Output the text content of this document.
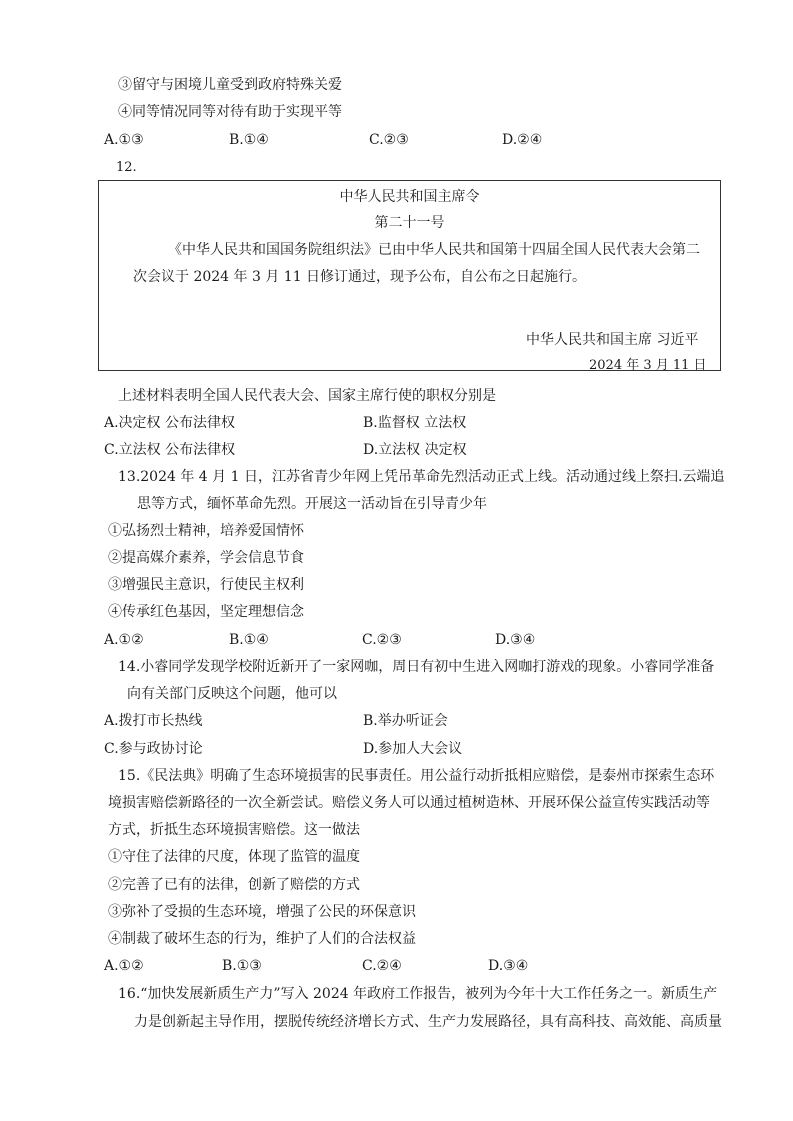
③留守与困境儿童受到政府特殊关爱
④同等情况同等对待有助于实现平等
A.①③	B.①④	C.②③	D.②④
12.
中华人民共和国主席令
第二十一号
《中华人民共和国国务院组织法》已由中华人民共和国第十四届全国人民代表大会第二
次会议于 2024 年 3 月 11 日修订通过，现予公布，自公布之日起施行。
中华人民共和国主席 习近平
2024 年 3 月 11 日
上述材料表明全国人民代表大会、国家主席行使的职权分别是
A.决定权 公布法律权	B.监督权 立法权
C.立法权 公布法律权	D.立法权 决定权
13.2024 年 4 月 1 日，江苏省青少年网上凭吊革命先烈活动正式上线。活动通过线上祭扫.云端追
思等方式，缅怀革命先烈。开展这一活动旨在引导青少年
①弘扬烈士精神，培养爱国情怀
②提高媒介素养，学会信息节食
③增强民主意识，行使民主权利
④传承红色基因，坚定理想信念
A.①②	B.①④	C.②③	D.③④
14.小睿同学发现学校附近新开了一家网咖，周日有初中生进入网咖打游戏的现象。小睿同学准备
向有关部门反映这个问题，他可以
A.拨打市长热线	B.举办听证会
C.参与政协讨论	D.参加人大会议
15.《民法典》明确了生态环境损害的民事责任。用公益行动折抵相应赔偿，是泰州市探索生态环
境损害赔偿新路径的一次全新尝试。赔偿义务人可以通过植树造林、开展环保公益宣传实践活动等
方式，折抵生态环境损害赔偿。这一做法
①守住了法律的尺度，体现了监管的温度
②完善了已有的法律，创新了赔偿的方式
③弥补了受损的生态环境，增强了公民的环保意识
④制裁了破坏生态的行为，维护了人们的合法权益
A.①②	B.①③	C.②④	D.③④
16.“加快发展新质生产力”写入 2024 年政府工作报告，被列为今年十大工作任务之一。新质生产
力是创新起主导作用，摆脱传统经济增长方式、生产力发展路径，具有高科技、高效能、高质量
